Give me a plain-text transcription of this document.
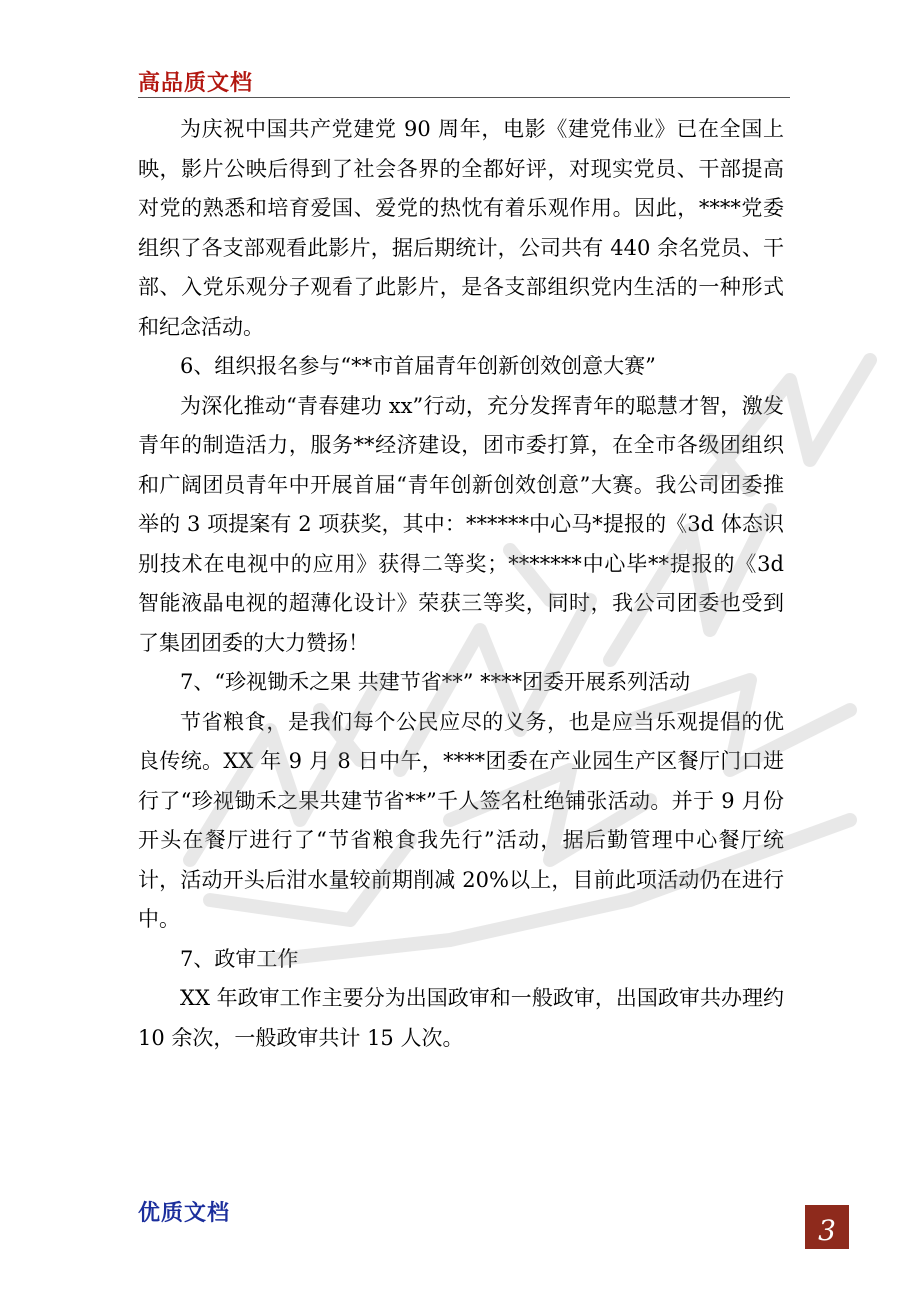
高品质文档

为庆祝中国共产党建党 90 周年，电影《建党伟业》已在全国上映，影片公映后得到了社会各界的全都好评，对现实党员、干部提高对党的熟悉和培育爱国、爱党的热忱有着乐观作用。因此，****党委组织了各支部观看此影片，据后期统计，公司共有 440 余名党员、干部、入党乐观分子观看了此影片，是各支部组织党内生活的一种形式和纪念活动。

6、组织报名参与“**市首届青年创新创效创意大赛”

为深化推动“青春建功 xx”行动，充分发挥青年的聪慧才智，激发青年的制造活力，服务**经济建设，团市委打算，在全市各级团组织和广阔团员青年中开展首届“青年创新创效创意”大赛。我公司团委推举的 3 项提案有 2 项获奖，其中：******中心马*提报的《3d 体态识别技术在电视中的应用》获得二等奖；*******中心毕**提报的《3d 智能液晶电视的超薄化设计》荣获三等奖，同时，我公司团委也受到了集团团委的大力赞扬！

7、“珍视锄禾之果 共建节省**” ****团委开展系列活动

节省粮食，是我们每个公民应尽的义务，也是应当乐观提倡的优良传统。XX 年 9 月 8 日中午，****团委在产业园生产区餐厅门口进行了“珍视锄禾之果共建节省**”千人签名杜绝铺张活动。并于 9 月份开头在餐厅进行了“节省粮食我先行”活动，据后勤管理中心餐厅统计，活动开头后泔水量较前期削减 20%以上，目前此项活动仍在进行中。

7、政审工作

XX 年政审工作主要分为出国政审和一般政审，出国政审共办理约 10 余次，一般政审共计 15 人次。

优质文档
3
